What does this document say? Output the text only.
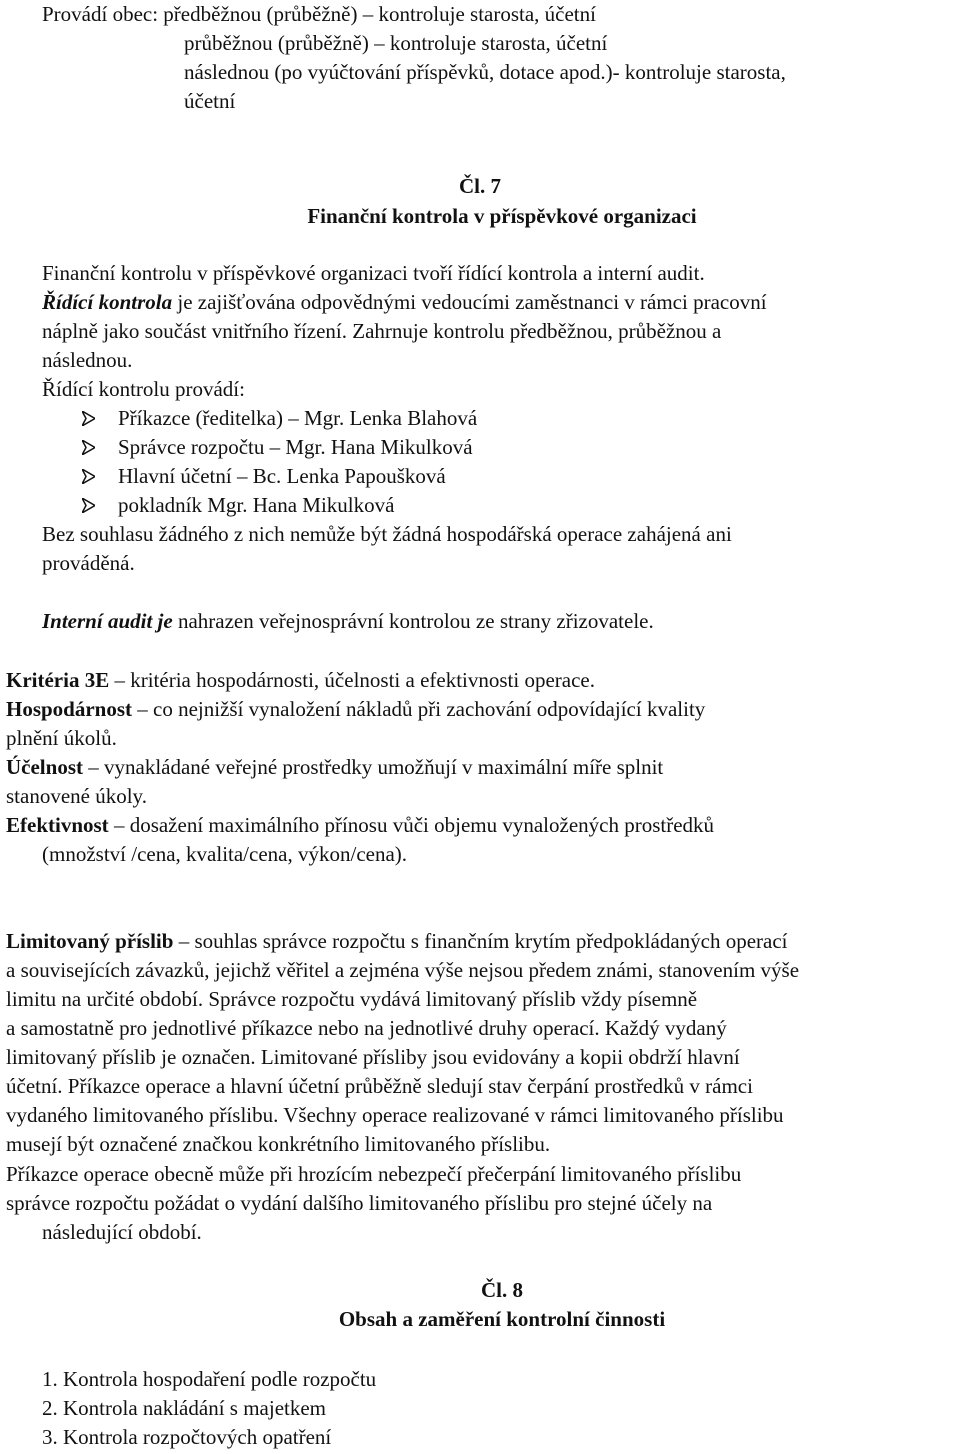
Provádí obec: předběžnou (průběžně) – kontroluje starosta, účetní
průběžnou (průběžně) – kontroluje starosta, účetní
následnou (po vyúčtování příspěvků, dotace apod.)- kontroluje starosta,
účetní
Čl. 7
Finanční kontrola v příspěvkové organizaci
Finanční kontrolu v příspěvkové organizaci tvoří řídící kontrola a interní audit.
Řídící kontrola je zajišťována odpovědnými vedoucími zaměstnanci v rámci pracovní
náplně jako součást vnitřního řízení. Zahrnuje kontrolu předběžnou, průběžnou a
následnou.
Řídící kontrolu provádí:
Příkazce (ředitelka) – Mgr. Lenka Blahová
Správce rozpočtu – Mgr. Hana Mikulková
Hlavní účetní – Bc. Lenka Papoušková
pokladník Mgr. Hana Mikulková
Bez souhlasu žádného z nich nemůže být žádná hospodářská operace zahájená ani
prováděná.
Interní audit je nahrazen veřejnosprávní kontrolou ze strany zřizovatele.
Kritéria 3E – kritéria hospodárnosti, účelnosti a efektivnosti operace.
Hospodárnost – co nejnižší vynaložení nákladů při zachování odpovídající kvality
plnění úkolů.
Účelnost – vynakládané veřejné prostředky umožňují v maximální míře splnit
stanovené úkoly.
Efektivnost – dosažení maximálního přínosu vůči objemu vynaložených prostředků
(množství /cena, kvalita/cena, výkon/cena).
Limitovaný příslib – souhlas správce rozpočtu s finančním krytím předpokládaných operací
a souvisejících závazků, jejichž věřitel a zejména výše nejsou předem známi, stanovením výše
limitu na určité období. Správce rozpočtu vydává limitovaný příslib vždy písemně
a samostatně pro jednotlivé příkazce nebo na jednotlivé druhy operací. Každý vydaný
limitovaný příslib je označen. Limitované přísliby jsou evidovány a kopii obdrží hlavní
účetní. Příkazce operace a hlavní účetní průběžně sledují stav čerpání prostředků v rámci
vydaného limitovaného příslibu. Všechny operace realizované v rámci limitovaného příslibu
musejí být označené značkou konkrétního limitovaného příslibu.
Příkazce operace obecně může při hrozícím nebezpečí přečerpání limitovaného příslibu
správce rozpočtu požádat o vydání dalšího limitovaného příslibu pro stejné účely na
následující období.
Čl. 8
Obsah a zaměření kontrolní činnosti
1. Kontrola hospodaření podle rozpočtu
2. Kontrola nakládání s majetkem
3. Kontrola rozpočtových opatření
